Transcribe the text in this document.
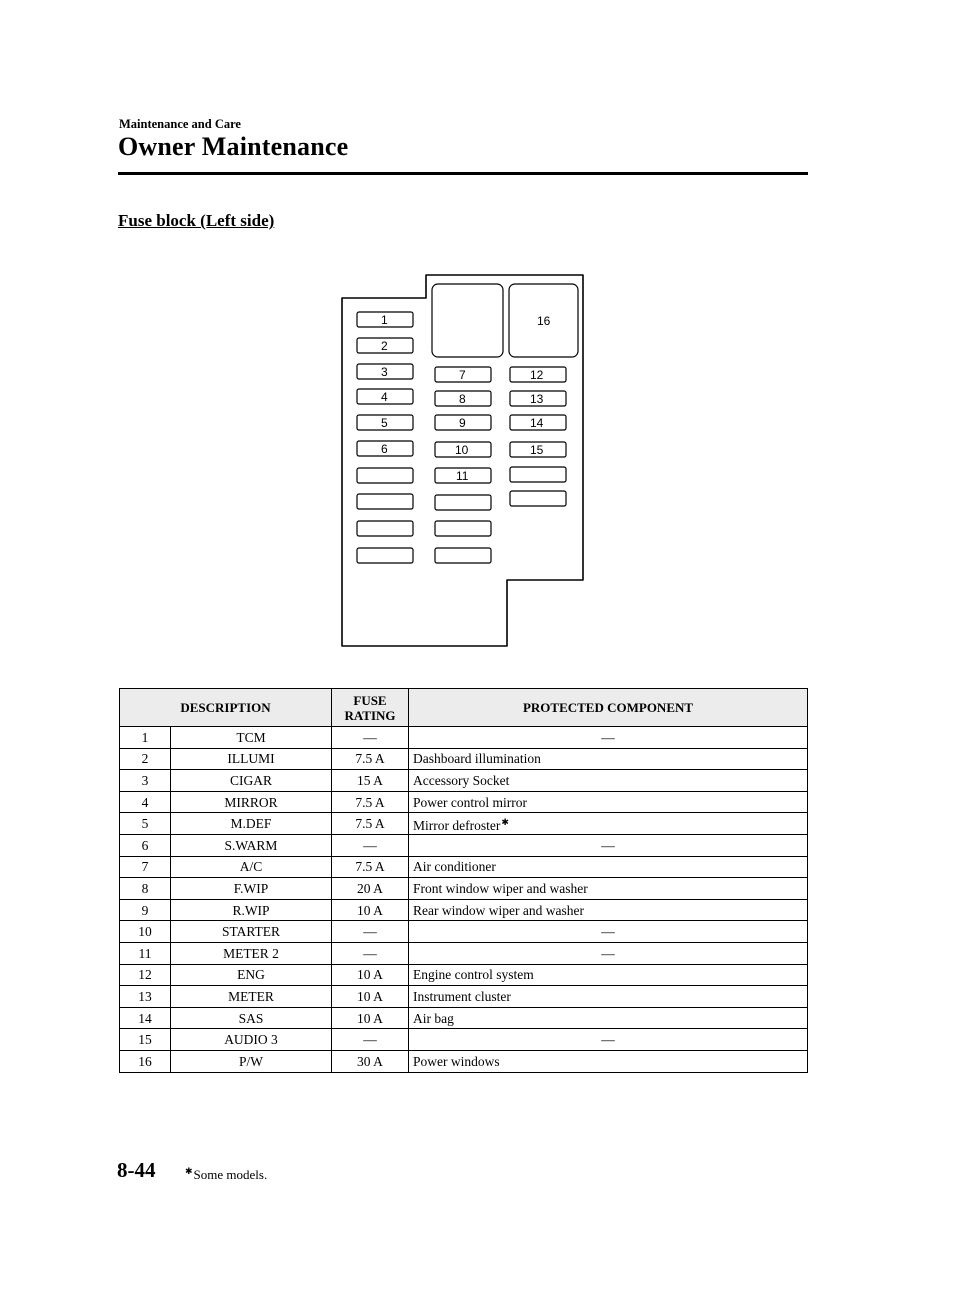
Maintenance and Care
Owner Maintenance
Fuse block (Left side)
16
1
2
3
4
5
6
7
8
9
10
11
12
13
14
15
DESCRIPTION		FUSE
RATING	PROTECTED COMPONENT
1	TCM	—	—
2	ILLUMI	7.5 A	Dashboard illumination
3	CIGAR	15 A	Accessory Socket
4	MIRROR	7.5 A	Power control mirror
5	M.DEF	7.5 A	Mirror defroster✱
6	S.WARM	—	—
7	A/C	7.5 A	Air conditioner
8	F.WIP	20 A	Front window wiper and washer
9	R.WIP	10 A	Rear window wiper and washer
10	STARTER	—	—
11	METER 2	—	—
12	ENG	10 A	Engine control system
13	METER	10 A	Instrument cluster
14	SAS	10 A	Air bag
15	AUDIO 3	—	—
16	P/W	30 A	Power windows
8-44	✱Some models.
